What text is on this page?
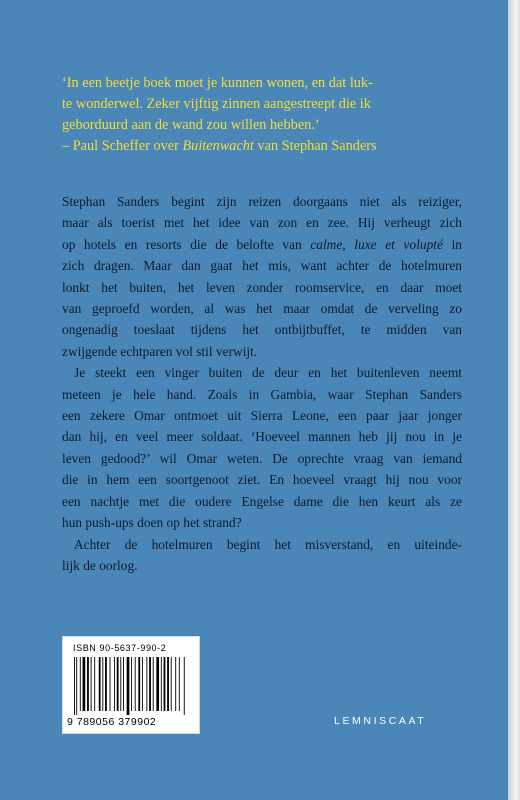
‘In een beetje boek moet je kunnen wonen, en dat luk-
te wonderwel. Zeker vijftig zinnen aangestreept die ik
geborduurd aan de wand zou willen hebben.’
– Paul Scheffer over Buitenwacht van Stephan Sanders

Stephan Sanders begint zijn reizen doorgaans niet als reiziger,
maar als toerist met het idee van zon en zee. Hij verheugt zich
op hotels en resorts die de belofte van calme, luxe et volupté in
zich dragen. Maar dan gaat het mis, want achter de hotelmuren
lonkt het buiten, het leven zonder roomservice, en daar moet
van geproefd worden, al was het maar omdat de verveling zo
ongenadig toeslaat tijdens het ontbijtbuffet, te midden van
zwijgende echtparen vol stil verwijt.

Je steekt een vinger buiten de deur en het buitenleven neemt
meteen je hele hand. Zoals in Gambia, waar Stephan Sanders
een zekere Omar ontmoet uit Sierra Leone, een paar jaar jonger
dan hij, en veel meer soldaat. ‘Hoeveel mannen heb jij nou in je
leven gedood?’ wil Omar weten. De oprechte vraag van iemand
die in hem een soortgenoot ziet. En hoeveel vraagt hij nou voor
een nachtje met die oudere Engelse dame die hen keurt als ze
hun push-ups doen op het strand?

Achter de hotelmuren begint het misverstand, en uiteinde-
lijk de oorlog.

ISBN 90-5637-990-2
9 789056 379902	LEMNISCAAT
